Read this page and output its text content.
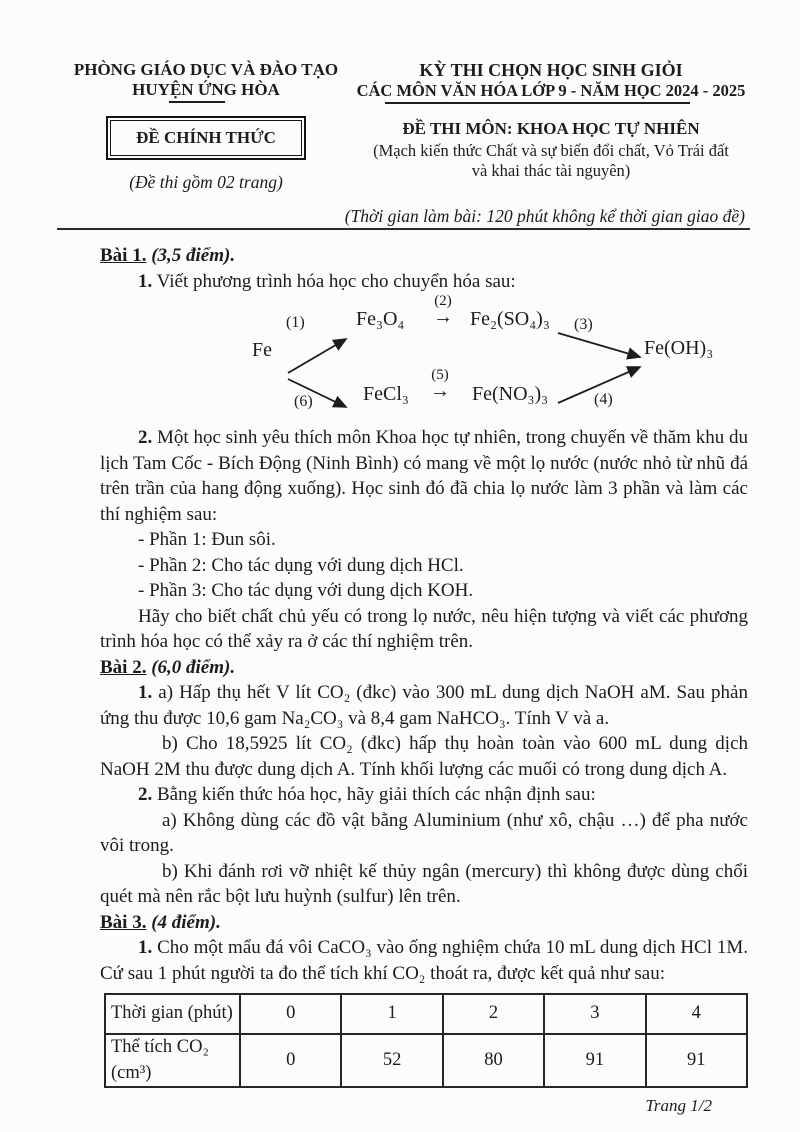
PHÒNG GIÁO DỤC VÀ ĐÀO TẠO
HUYỆN ỨNG HÒA
ĐỀ CHÍNH THỨC
(Đề thi gồm 02 trang)
KỲ THI CHỌN HỌC SINH GIỎI
CÁC MÔN VĂN HÓA LỚP 9 - NĂM HỌC 2024 - 2025
ĐỀ THI MÔN: KHOA HỌC TỰ NHIÊN
(Mạch kiến thức Chất và sự biến đổi chất, Vỏ Trái đất và khai thác tài nguyên)
(Thời gian làm bài: 120 phút không kể thời gian giao đề)
Bài 1. (3,5 điểm).
1. Viết phương trình hóa học cho chuyển hóa sau:
Fe
(1)	Fe₃O₄
(2)
→ Fe₂(SO₄)₃ (3)
Fe(OH)₃
(6)	FeCl₃
(5)
→	Fe(NO₃)₃	(4)
2. Một học sinh yêu thích môn Khoa học tự nhiên, trong chuyến về thăm khu du lịch Tam Cốc - Bích Động (Ninh Bình) có mang về một lọ nước (nước nhỏ từ nhũ đá trên trần của hang động xuống). Học sinh đó đã chia lọ nước làm 3 phần và làm các thí nghiệm sau:
- Phần 1: Đun sôi.
- Phần 2: Cho tác dụng với dung dịch HCl.
- Phần 3: Cho tác dụng với dung dịch KOH.
Hãy cho biết chất chủ yếu có trong lọ nước, nêu hiện tượng và viết các phương trình hóa học có thể xảy ra ở các thí nghiệm trên.
Bài 2. (6,0 điểm).
1. a) Hấp thụ hết V lít CO₂ (đkc) vào 300 mL dung dịch NaOH aM. Sau phản ứng thu được 10,6 gam Na₂CO₃ và 8,4 gam NaHCO₃. Tính V và a.
b) Cho 18,5925 lít CO₂ (đkc) hấp thụ hoàn toàn vào 600 mL dung dịch NaOH 2M thu được dung dịch A. Tính khối lượng các muối có trong dung dịch A.
2. Bằng kiến thức hóa học, hãy giải thích các nhận định sau:
a) Không dùng các đồ vật bằng Aluminium (như xô, chậu …) để pha nước vôi trong.
b) Khi đánh rơi vỡ nhiệt kế thủy ngân (mercury) thì không được dùng chổi quét mà nên rắc bột lưu huỳnh (sulfur) lên trên.
Bài 3. (4 điểm).
1. Cho một mẩu đá vôi CaCO₃ vào ống nghiệm chứa 10 mL dung dịch HCl 1M. Cứ sau 1 phút người ta đo thể tích khí CO₂ thoát ra, được kết quả như sau:
Thời gian (phút)	0	1	2	3	4
Thể tích CO₂ (cm³)	0	52	80	91	91
Trang 1/2
